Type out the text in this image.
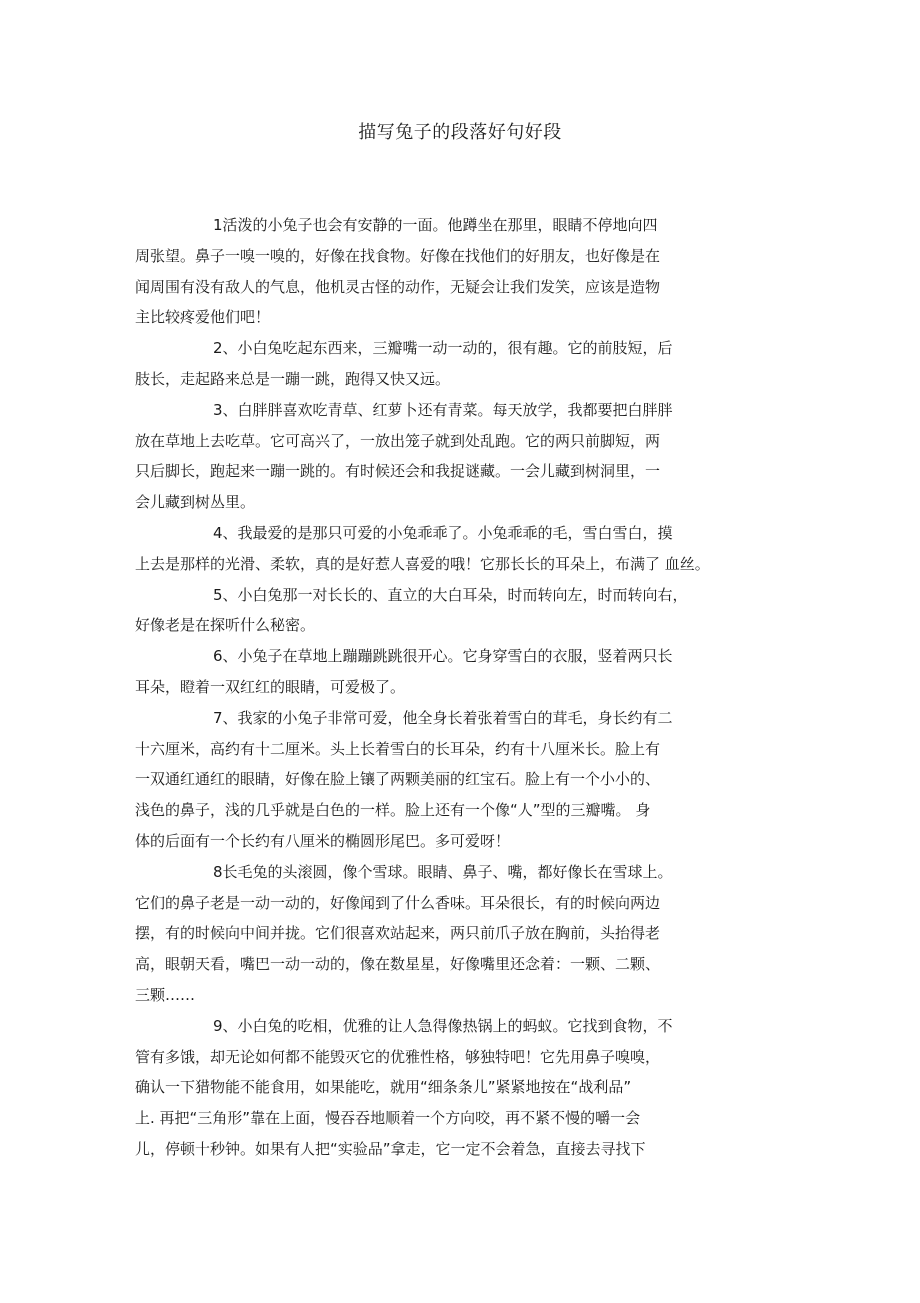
描写兔子的段落好句好段
1活泼的小兔子也会有安静的一面。他蹲坐在那里，眼睛不停地向四
周张望。鼻子一嗅一嗅的，好像在找食物。好像在找他们的好朋友，也好像是在
闻周围有没有敌人的气息，他机灵古怪的动作，无疑会让我们发笑，应该是造物
主比较疼爱他们吧！
2、小白兔吃起东西来，三瓣嘴一动一动的，很有趣。它的前肢短，后
肢长，走起路来总是一蹦一跳，跑得又快又远。
3、白胖胖喜欢吃青草、红萝卜还有青菜。每天放学，我都要把白胖胖
放在草地上去吃草。它可高兴了，一放出笼子就到处乱跑。它的两只前脚短，两
只后脚长，跑起来一蹦一跳的。有时候还会和我捉谜藏。一会儿藏到树洞里，一
会儿藏到树丛里。
4、我最爱的是那只可爱的小兔乖乖了。小兔乖乖的毛，雪白雪白，摸
上去是那样的光滑、柔软，真的是好惹人喜爱的哦！它那长长的耳朵上，布满了 血丝。
5、小白兔那一对长长的、直立的大白耳朵，时而转向左，时而转向右，
好像老是在探听什么秘密。
6、小兔子在草地上蹦蹦跳跳很开心。它身穿雪白的衣服，竖着两只长
耳朵，瞪着一双红红的眼睛，可爱极了。
7、我家的小兔子非常可爱，他全身长着张着雪白的茸毛，身长约有二
十六厘米，高约有十二厘米。头上长着雪白的长耳朵，约有十八厘米长。脸上有
一双通红通红的眼睛，好像在脸上镶了两颗美丽的红宝石。脸上有一个小小的、
浅色的鼻子，浅的几乎就是白色的一样。脸上还有一个像“人”型的三瓣嘴。 身
体的后面有一个长约有八厘米的椭圆形尾巴。多可爱呀！
8长毛兔的头滚圆，像个雪球。眼睛、鼻子、嘴，都好像长在雪球上。
它们的鼻子老是一动一动的，好像闻到了什么香味。耳朵很长，有的时候向两边
摆，有的时候向中间并拢。它们很喜欢站起来，两只前爪子放在胸前，头抬得老
高，眼朝天看，嘴巴一动一动的，像在数星星，好像嘴里还念着：一颗、二颗、
三颗……
9、小白兔的吃相，优雅的让人急得像热锅上的蚂蚁。它找到食物，不
管有多饿，却无论如何都不能毁灭它的优雅性格，够独特吧！它先用鼻子嗅嗅，
确认一下猎物能不能食用，如果能吃，就用“细条条儿”紧紧地按在“战利品”
上. 再把“三角形”靠在上面，慢吞吞地顺着一个方向咬，再不紧不慢的嚼一会
儿，停顿十秒钟。如果有人把“实验品”拿走，它一定不会着急，直接去寻找下
